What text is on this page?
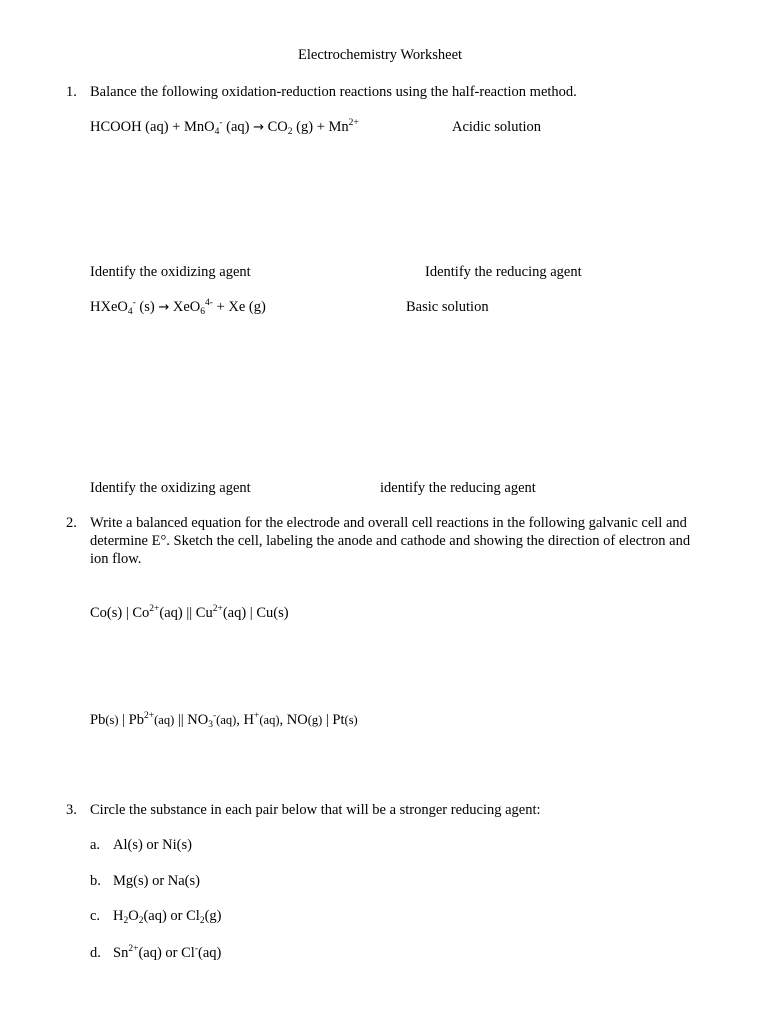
Electrochemistry Worksheet
1. Balance the following oxidation-reduction reactions using the half-reaction method.
HCOOH (aq) + MnO$_4$- $(aq) \to CO_2$ $(g) + Mn^{2+}$	Acidic solution
Identify the oxidizing agent	Identify the reducing agent
HXeO$_4$- (s) → XeO$_6^{4-}$ + Xe (g)	Basic solution
Identify the oxidizing agent	identify the reducing agent
2. Write a balanced equation for the electrode and overall cell reactions in the following galvanic cell and
determine E°. Sketch the cell, labeling the anode and cathode and showing the direction of electron and
ion flow.
Co(s) | $Co^{2+}(aq)$ || $Cu^{2+}(aq)$ | Cu(s)
Pb(s) | $Pb^{2+}(aq)$ || $NO_3^-(aq)$, H+(aq), NO(g) | Pt(s)
3. Circle the substance in each pair below that will be a stronger reducing agent:
a. Al(s) or Ni(s)
b. Mg(s) or Na(s)
c. $H_2O_2(aq)$ or $Cl_2(g)$
d. $Sn^{2+}(aq)$ or Cl-(aq)
